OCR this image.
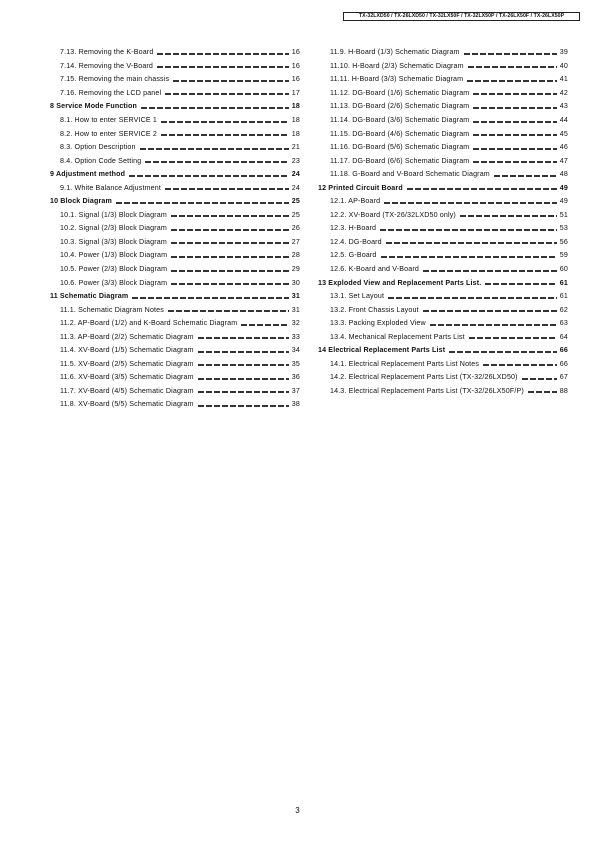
TX-32LXD50 / TX-26LXD50 / TX-32LX50F / TX-32LX50P / TX-26LX50F / TX-26LX50P
7.13. Removing the K-Board	16
7.14. Removing the V-Board	16
7.15. Removing the main chassis	16
7.16. Removing the LCD panel	17
8 Service Mode Function	18
8.1. How to enter SERVICE 1	18
8.2. How to enter SERVICE 2	18
8.3. Option Description	21
8.4. Option Code Setting	23
9 Adjustment method	24
9.1. White Balance Adjustment	24
10 Block Diagram	25
10.1. Signal (1/3) Block Diagram	25
10.2. Signal (2/3) Block Diagram	26
10.3. Signal (3/3) Block Diagram	27
10.4. Power (1/3) Block Diagram	28
10.5. Power (2/3) Block Diagram	29
10.6. Power (3/3) Block Diagram	30
11 Schematic Diagram	31
11.1. Schematic Diagram Notes	31
11.2. AP-Board (1/2) and K-Board Schematic Diagram	32
11.3. AP-Board (2/2) Schematic Diagram	33
11.4. XV-Board (1/5) Schematic Diagram	34
11.5. XV-Board (2/5) Schematic Diagram	35
11.6. XV-Board (3/5) Schematic Diagram	36
11.7. XV-Board (4/5) Schematic Diagram	37
11.8. XV-Board (5/5) Schematic Diagram	38
11.9. H-Board (1/3) Schematic Diagram	39
11.10. H-Board (2/3) Schematic Diagram	40
11.11. H-Board (3/3) Schematic Diagram	41
11.12. DG-Board (1/6) Schematic Diagram	42
11.13. DG-Board (2/6) Schematic Diagram	43
11.14. DG-Board (3/6) Schematic Diagram	44
11.15. DG-Board (4/6) Schematic Diagram	45
11.16. DG-Board (5/6) Schematic Diagram	46
11.17. DG-Board (6/6) Schematic Diagram	47
11.18. G-Board and V-Board Schematic Diagram	48
12 Printed Circuit Board	49
12.1. AP-Board	49
12.2. XV-Board (TX-26/32LXD50 only)	51
12.3. H-Board	53
12.4. DG-Board	56
12.5. G-Board	59
12.6. K-Board and V-Board	60
13 Exploded View and Replacement Parts List.	61
13.1. Set Layout	61
13.2. Front Chassis Layout	62
13.3. Packing Exploded View	63
13.4. Mechanical Replacement Parts List	64
14 Electrical Replacement Parts List	66
14.1. Electrical Replacement Parts List Notes	66
14.2. Electrical Replacement Parts List (TX-32/26LXD50)	67
14.3. Electrical Replacement Parts List (TX-32/26LX50F/P)	88
3
